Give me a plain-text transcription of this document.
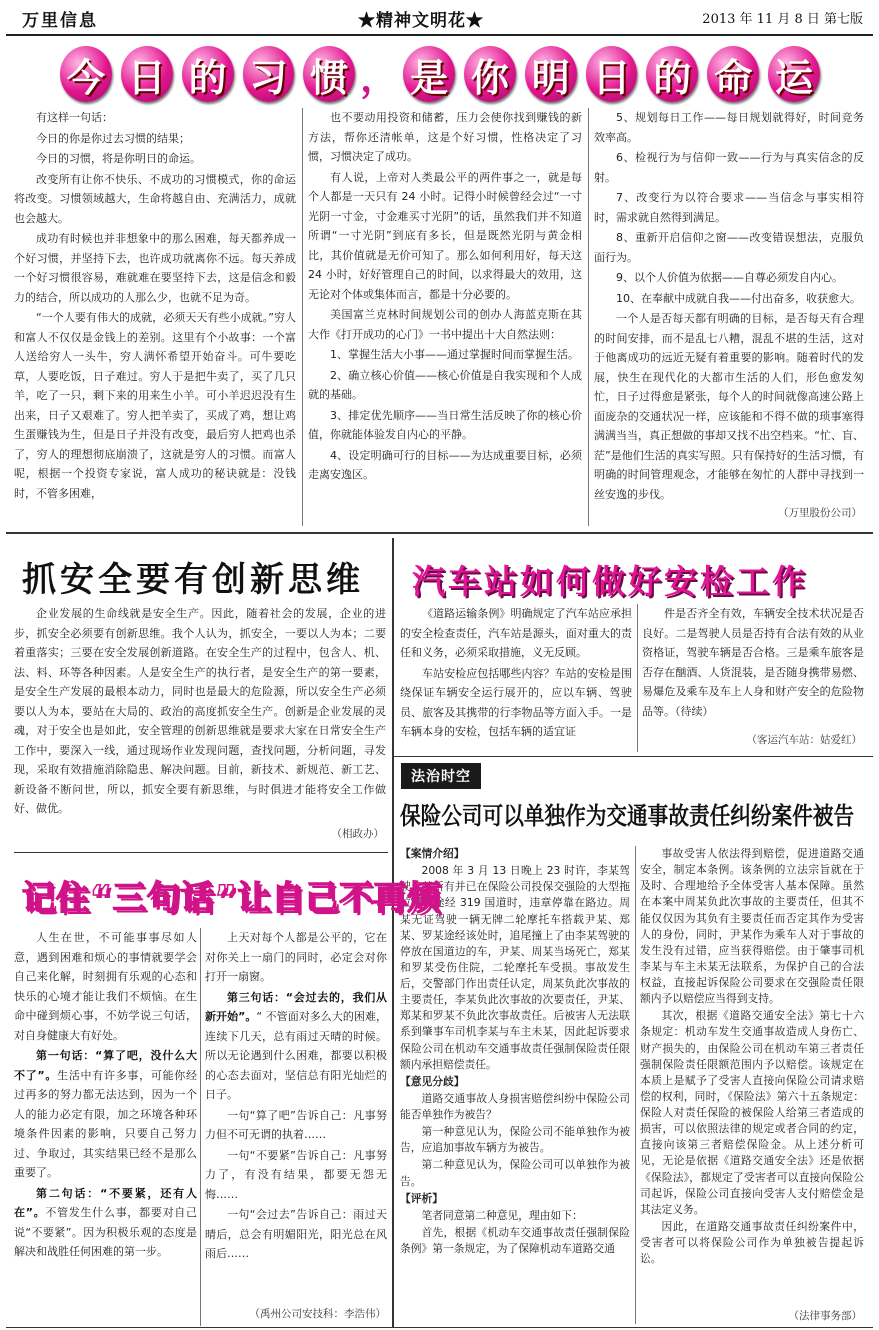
万里信息	★精神文明花★	2013 年 11 月 8 日 第七版
今 日 的 习 惯 ， 是 你 明 日 的 命 运

有这样一句话：

今日的你是你过去习惯的结果；

今日的习惯，将是你明日的命运。

改变所有让你不快乐、不成功的习惯模式，你的命运将改变。习惯领域越大，生命将越自由、充满活力，成就也会越大。

成功有时候也并非想象中的那么困难，每天都养成一个好习惯，并坚持下去，也许成功就离你不远。每天养成一个好习惯很容易，难就难在要坚持下去，这是信念和毅力的结合，所以成功的人那么少，也就不足为奇。

“一个人要有伟大的成就，必须天天有些小成就。”穷人和富人不仅仅是金钱上的差别。这里有个小故事：一个富人送给穷人一头牛，穷人满怀希望开始奋斗。可牛要吃草，人要吃饭，日子难过。穷人于是把牛卖了，买了几只羊，吃了一只，剩下来的用来生小羊。可小羊迟迟没有生出来，日子又艰难了。穷人把羊卖了，买成了鸡，想让鸡生蛋赚钱为生，但是日子并没有改变，最后穷人把鸡也杀了，穷人的理想彻底崩溃了，这就是穷人的习惯。而富人呢，根据一个投资专家说，富人成功的秘诀就是：没钱时，不管多困难，

也不要动用投资和储蓄，压力会使你找到赚钱的新方法，帮你还清帐单，这是个好习惯，性格决定了习惯，习惯决定了成功。

有人说，上帝对人类最公平的两件事之一，就是每个人都是一天只有 24 小时。记得小时候曾经会过“一寸光阴一寸金，寸金难买寸光阴”的话，虽然我们并不知道所谓“一寸光阴”到底有多长，但是既然光阴与黄金相比，其价值就是无价可知了。那么如何利用好，每天这 24 小时，好好管理自己的时间，以求得最大的效用，这无论对个体或集体而言，都是十分必要的。

美国富兰克林时间规划公司的创办人海蓝克斯在其大作《打开成功的心门》一书中提出十大自然法则：

1、掌握生活大小事——通过掌握时间而掌握生活。

2、确立核心价值——核心价值是自我实现和个人成就的基础。

3、排定优先顺序——当日常生活反映了你的核心价值，你就能体验发自内心的平静。

4、设定明确可行的目标——为达成重要目标，必须走离安逸区。

5、规划每日工作——每日规划就得好，时间竞务效率高。

6、检视行为与信仰一致——行为与真实信念的反射。

7、改变行为以符合要求——当信念与事实相符时，需求就自然得到满足。

8、重新开启信仰之窗——改变错误想法，克服负面行为。

9、以个人价值为依据——自尊必须发自内心。

10、在奉献中成就自我——付出奋多，收获愈大。

一个人是否每天都有明确的目标，是否每天有合理的时间安排，而不是乱七八糟，混乱不堪的生活，这对于他离成功的远近无疑有着重要的影响。随着时代的发展，快生在现代化的大都市生活的人们，形色愈发匆忙，日子过得愈是紧张，每个人的时间就像高速公路上面庞杂的交通状况一样，应该能和不得不做的琐事塞得满满当当，真正想做的事却又找不出空档来。“忙、盲、茫”是他们生活的真实写照。只有保持好的生活习惯，有明确的时间管理观念，才能够在匆忙的人群中寻找到一丝安逸的步伐。

（万里股份公司）
抓安全要有创新思维

企业发展的生命线就是安全生产。因此，随着社会的发展，企业的进步，抓安全必须要有创新思维。我个人认为，抓安全，一要以人为本；二要着重落实；三要在安全发展创新道路。在安全生产的过程中，包含人、机、法、料、环等各种因素。人是安全生产的执行者，是安全生产的第一要素，是安全生产发展的最根本动力，同时也是最大的危险源，所以安全生产必须要以人为本，要站在大局的、政治的高度抓安全生产。创新是企业发展的灵魂，对于安全也是如此，安全管理的创新思维就是要求大家在日常安全生产工作中，要深入一线，通过现场作业发现问题，查找问题，分析问题，寻发现，采取有效措施消除隐患、解决问题。目前，新技术、新规范、新工艺、新设备不断问世，所以，抓安全要有新思维，与时俱进才能将安全工作做好、做优。

（相政办）
汽车站如何做好安检工作

《道路运输条例》明确规定了汽车站应承担的安全检查责任，汽车站是源头，面对重大的责任和义务，必须采取措施，义无反顾。

车站安检应包括哪些内容？车站的安检是围绕保证车辆安全运行展开的，应以车辆、驾驶员、旅客及其携带的行李物品等方面入手。一是车辆本身的安检，包括车辆的适宜证

件是否齐全有效，车辆安全技术状况是否良好。二是驾驶人员是否持有合法有效的从业资格证，驾驶车辆是否合格。三是乘车旅客是否存在酗酒、人货混装，是否随身携带易燃、易爆危及乘车及车上人身和财产安全的危险物品等。（待续）

（客运汽车站：姑爱红）
法治时空
保险公司可以单独作为交通事故责任纠纷案件被告

【案情介绍】

2008 年 3 月 13 日晚上 23 时许，李某驾驶未某所有并已在保险公司投保交强险的大型拖拉机，途经 319 国道时，违章停靠在路边。周某无证驾驶一辆无牌二轮摩托车搭载尹某、郑某、罗某途经该处时，追尾撞上了由李某驾驶的停放在国道边的车，尹某、周某当场死亡，郑某和罗某受伤住院，二轮摩托车受损。事故发生后，交警部门作出责任认定，周某负此次事故的主要责任，李某负此次事故的次要责任，尹某、郑某和罗某不负此次事故责任。后被害人无法联系到肇事车司机李某与车主未某，因此起诉要求保险公司在机动车交通事故责任强制保险责任限额内承担赔偿责任。

【意见分歧】

道路交通事故人身损害赔偿纠纷中保险公司能否单独作为被告？

第一种意见认为，保险公司不能单独作为被告，应追加事故车辆方为被告。

第二种意见认为，保险公司可以单独作为被告。

【评析】

笔者同意第二种意见，理由如下：

首先，根据《机动车交通事故责任强制保险条例》第一条规定，为了保障机动车道路交通

事故受害人依法得到赔偿，促进道路交通安全，制定本条例。该条例的立法宗旨就在于及时、合理地给予全体受害人基本保障。虽然在本案中周某负此次事故的主要责任，但其不能仅仅因为其负有主要责任而否定其作为受害人的身份，同时，尹某作为乘车人对于事故的发生没有过错，应当获得赔偿。由于肇事司机李某与车主未某无法联系，为保护自己的合法权益，直接起诉保险公司要求在交强险责任限额内予以赔偿应当得到支持。

其次，根据《道路交通安全法》第七十六条规定：机动车发生交通事故造成人身伤亡、财产损失的，由保险公司在机动车第三者责任强制保险责任限额范围内予以赔偿。该规定在本质上是赋予了受害人直接向保险公司请求赔偿的权利，同时，《保险法》第六十五条规定：保险人对责任保险的被保险人给第三者造成的损害，可以依照法律的规定或者合同的约定，直接向该第三者赔偿保险金。从上述分析可见，无论是依据《道路交通安全法》还是依据《保险法》，都规定了受害者可以直接向保险公司起诉，保险公司直接向受害人支付赔偿金是其法定义务。

因此，在道路交通事故责任纠纷案件中，受害者可以将保险公司作为单独被告提起诉讼。

（法律事务部）
记住“三句话”让自己不再烦

人生在世，不可能事事尽如人意，遇到困难和烦心的事情就要学会自己来化解，时刻拥有乐观的心态和快乐的心境才能让我们不烦恼。在生命中碰到烦心事，不妨学说三句话，对自身健康大有好处。

第一句话：“算了吧，没什么大不了”。生活中有许多事，可能你经过再多的努力都无法达到，因为一个人的能力必定有限，加之环境各种环境条件因素的影响，只要自己努力过、争取过，其实结果已经不是那么重要了。

第二句话：“不要紧，还有人在”。不管发生什么事，都要对自己说“不要紧”。因为积极乐观的态度是解决和战胜任何困难的第一步。

上天对每个人都是公平的，它在对你关上一扇门的同时，必定会对你打开一扇窗。

第三句话：“会过去的，我们从新开始”。“ 不管面对多么大的困难，连续下几天，总有雨过天晴的时候。所以无论遇到什么困难，都要以积极的心态去面对，坚信总有阳光灿烂的日子。

一句“算了吧”告诉自己：凡事努力但不可无谓的执着……

一句“不要紧”告诉自己：凡事努力了，有没有结果，都要无怨无悔……

一句“会过去”告诉自己：雨过天晴后，总会有明媚阳光，阳光总在风雨后……

（禹州公司安技科：李浩伟）
